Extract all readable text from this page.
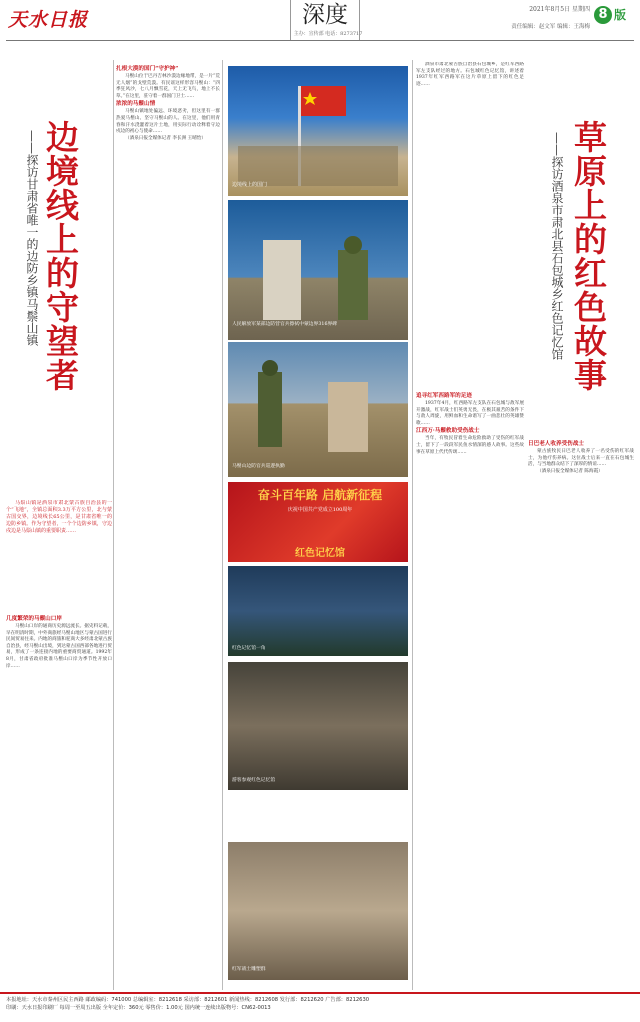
天水日报	深度
主办：宣传部 电话：8273717
2021年8月5日 星期四
责任编辑：赵文军 编辑：王海梅
8 版
边境线上的守望者
——探访甘肃省唯一的边防乡镇马鬃山镇

马鬃山镇是酒泉市肃北蒙古族自治县的一个“飞地”，全镇总面积3.3万平方公里，北与蒙古国交界，边境线长65公里，是甘肃省唯一的边防乡镇。作为守望者，一个个边防乡镇，守边戍边是马鬃山镇的重要职责……

几度繁荣的马鬃山口岸

马鬃山口岸的通商历史源远流长。据史料记载，早在明清时期，中外商旅经马鬃山地区与蒙古国进行民间贸易往来。内地的商旅和驼商大多经肃北蒙古族自治县，经马鬃山出境，到达蒙古国西部各地进行贸易，形成了一条连接内地的重要商贸通道。1992年8月，甘肃省政府批准马鬃山口岸为季节性开放口岸……

扎根大漠的国门“守护神”

马鬃山位于巴丹吉林沙漠边缘地带，是一片“荒无人烟”的戈壁荒漠。有民谣这样形容马鬃山：“四季狂风沙，七八月飘雪花，天上无飞鸟，地上不长草。”在这里，驻守着一群国门卫士……

浓浓的马鬃山情

马鬃山镇地处偏远、环境恶劣，但这里有一群热爱马鬃山、坚守马鬃山的人。在这里，他们用青春和汗水浇灌着这片土地，用实际行动诠释着守边戍边的初心与使命……

（酒泉日报全媒体记者 李长洲 王晴怡）

边境线上的国门
人民解放军某部边防营官兵擦拭中蒙边界316界碑
马鬃山边防官兵巡逻执勤
奋斗百年路 启航新征程
庆祝中国共产党成立100周年
红色记忆馆
红色记忆馆一角
游客参观红色记忆馆
红军战士雕塑群
草原上的红色故事
——探访酒泉市肃北县石包城乡红色记忆馆

酒泉市肃北蒙古族自治县石包城乡，是红军西路军左支队经过的地方。石包城红色记忆馆，讲述着1937年红军西路军在这片草原上留下的红色足迹……

追寻红军西路军的足迹

1937年4月，红西路军左支队在石包城与敌军展开激战，红军战士们英勇无畏，在极其艰苦的条件下与敌人周旋，用鲜血和生命谱写了一曲悲壮的英雄赞歌……

江西万·马鬃救助受伤战士

当年，有牧民冒着生命危险救助了受伤的红军战士，留下了一段段军民鱼水情深的感人故事。这些故事在草原上代代传颂……

日巴老人收养受伤战士

蒙古族牧民日巴老人收养了一名受伤的红军战士，为他疗伤养病。这位战士后来一直在石包城生活，与当地群众结下了深厚的情谊……

（酒泉日报全媒体记者 陈海霞）

本报地址：天水市秦州区民主西路 邮政编码：741000 总编辑室：8212618 采访部：8212601 新闻热线：8212608 发行部：8212620 广告部：8212630
印刷：天水日报印刷厂 每周一至周五出版 全年定价：360元 零售价：1.00元 国内统一连续出版物号：CN62-0013
